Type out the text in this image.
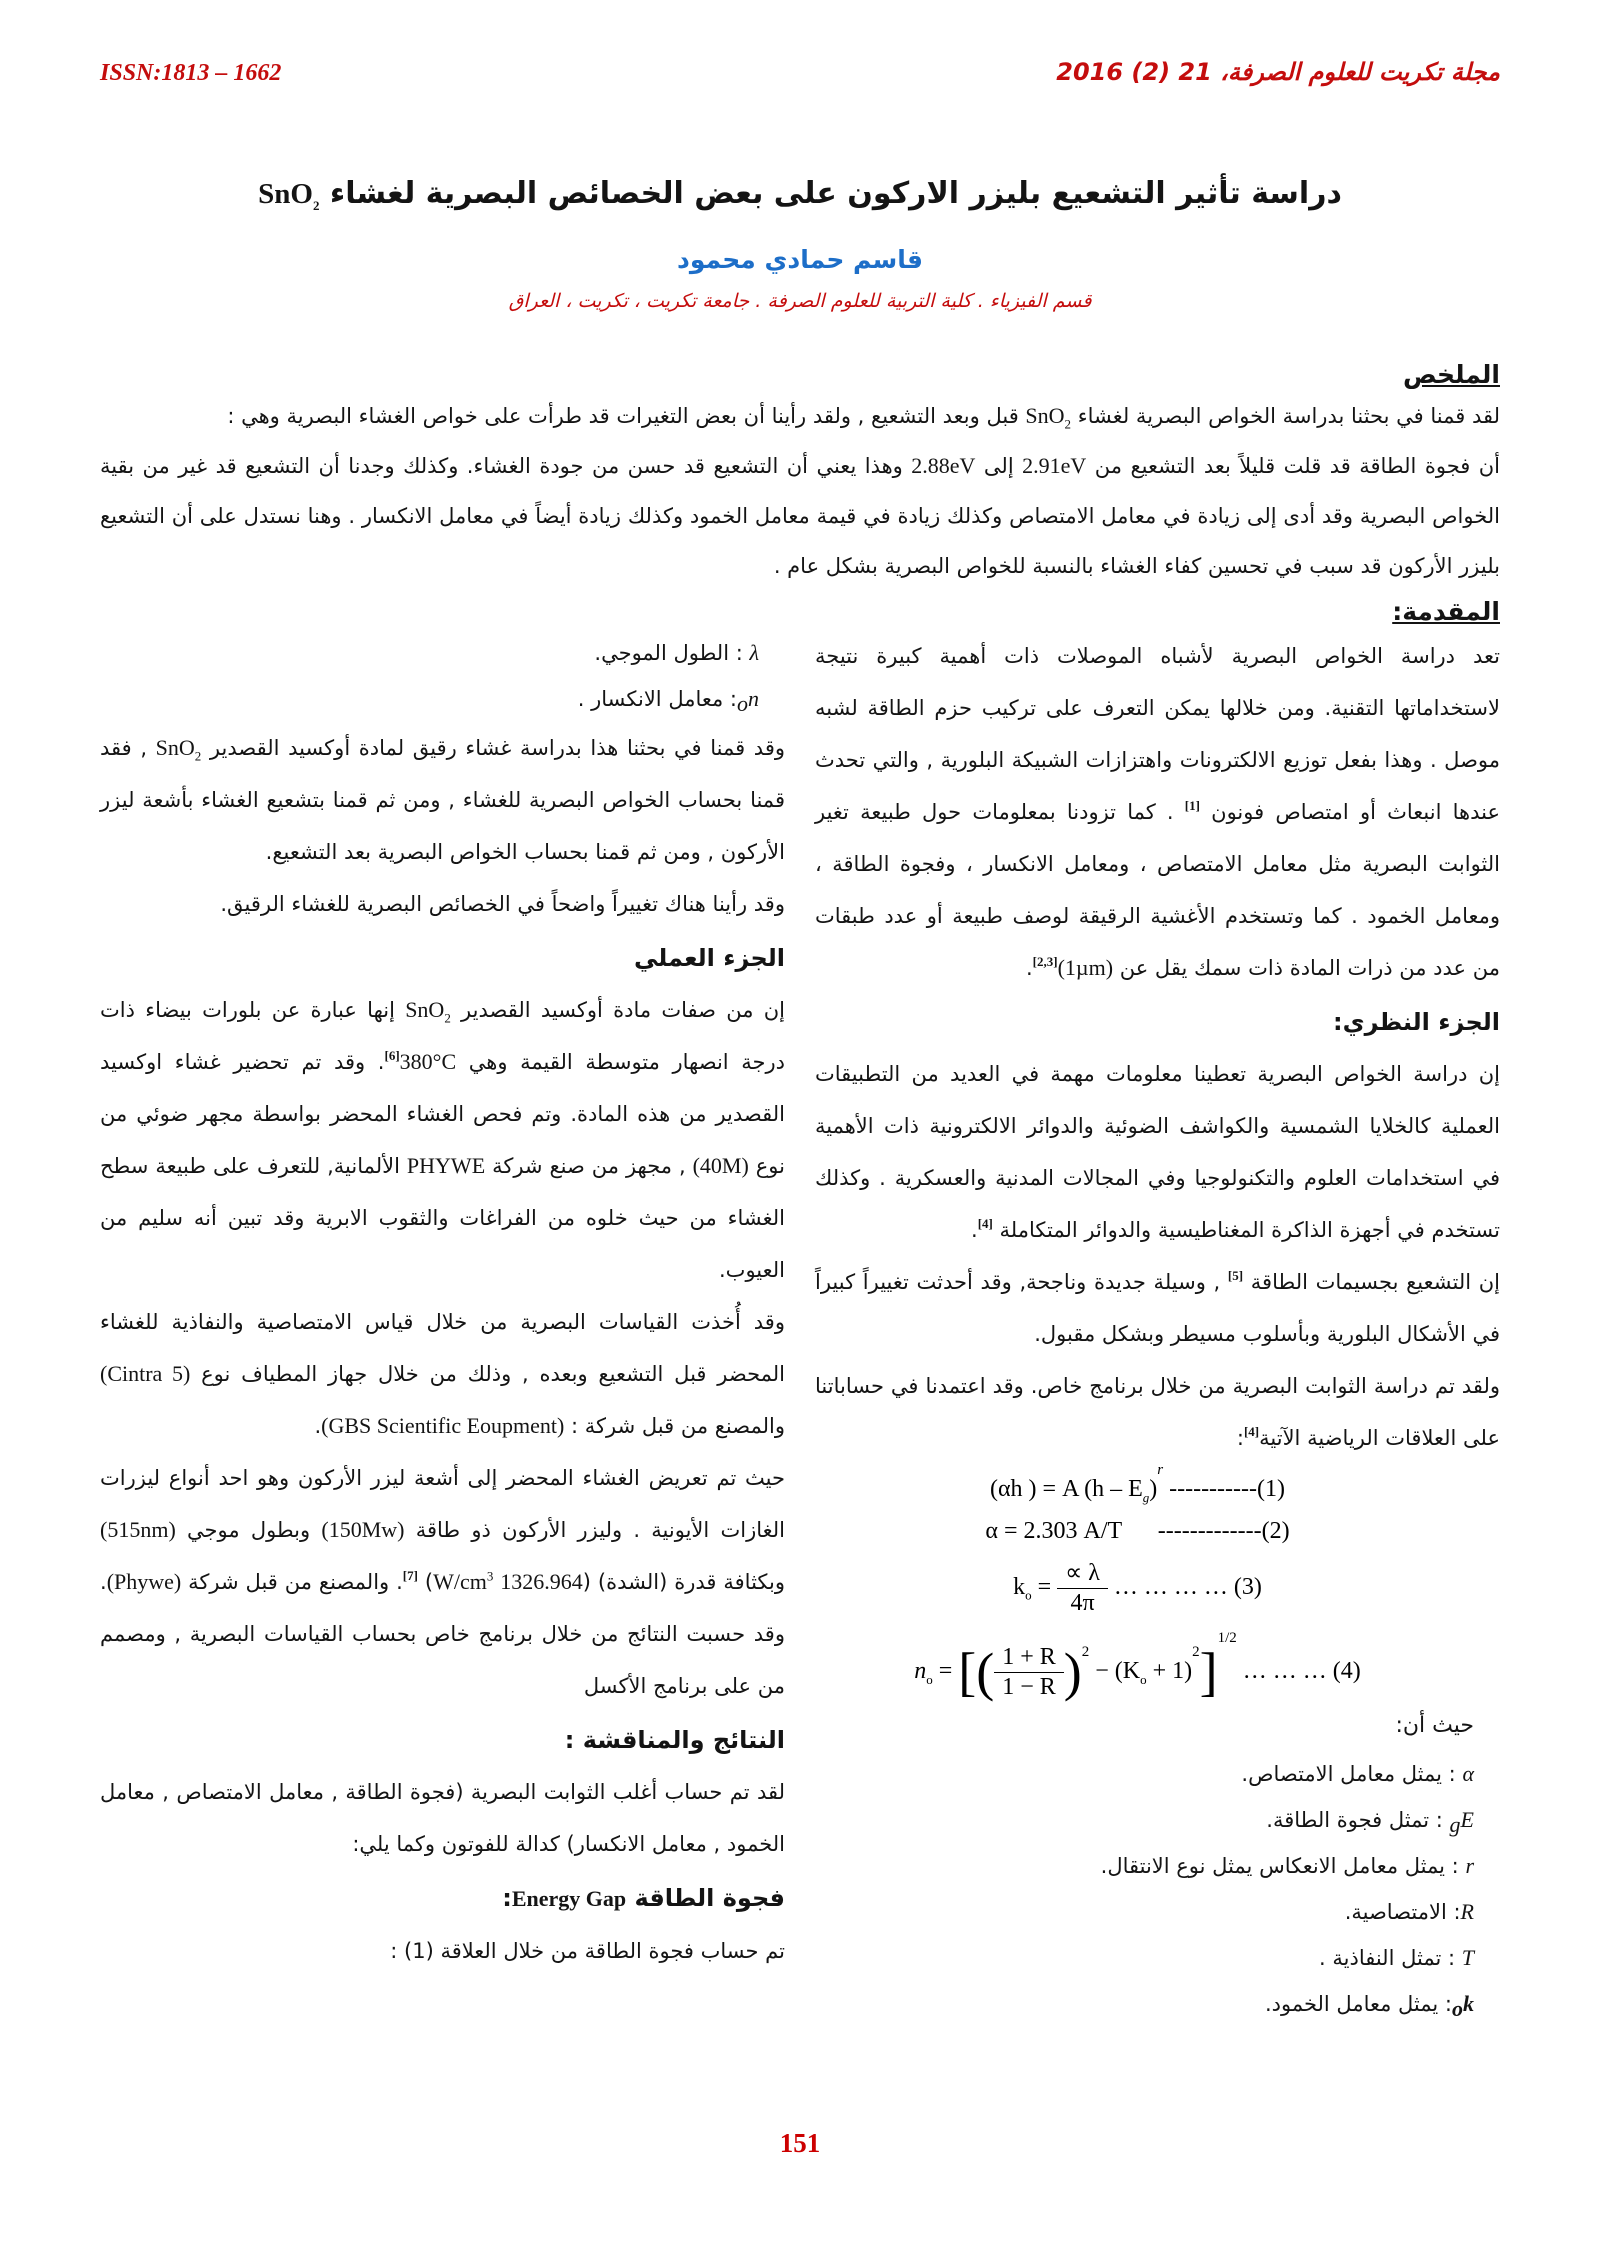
ISSN:1813 – 1662	مجلة تكريت للعلوم الصرفة، 21 (2) 2016
دراسة تأثير التشعيع بليزر الاركون على بعض الخصائص البصرية لغشاء SnO$_2$
قاسم حمادي محمود
قسم الفيزياء . كلية التربية للعلوم الصرفة . جامعة تكريت ، تكريت ، العراق
الملخص

لقد قمنا في بحثنا بدراسة الخواص البصرية لغشاء SnO$_2$ قبل وبعد التشعيع , ولقد رأينا أن بعض التغيرات قد طرأت على خواص الغشاء البصرية وهي :

أن فجوة الطاقة قد قلت قليلاً بعد التشعيع من 2.91eV إلى 2.88eV وهذا يعني أن التشعيع قد حسن من جودة الغشاء. وكذلك وجدنا أن التشعيع قد غير من بقية الخواص البصرية وقد أدى إلى زيادة في معامل الامتصاص وكذلك زيادة في قيمة معامل الخمود وكذلك زيادة أيضاً في معامل الانكسار . وهنا نستدل على أن التشعيع بليزر الأركون قد سبب في تحسين كفاء الغشاء بالنسبة للخواص البصرية بشكل عام .

المقدمة:

تعد دراسة الخواص البصرية لأشباه الموصلات ذات أهمية كبيرة نتيجة لاستخداماتها التقنية. ومن خلالها يمكن التعرف على تركيب حزم الطاقة لشبه موصل . وهذا بفعل توزيع الالكترونات واهتزازات الشبيكة البلورية , والتي تحدث عندها انبعاث أو امتصاص فونون [1] . كما تزودنا بمعلومات حول طبيعة تغير الثوابت البصرية مثل معامل الامتصاص ، ومعامل الانكسار ، وفجوة الطاقة ، ومعامل الخمود . كما وتستخدم الأغشية الرقيقة لوصف طبيعة أو عدد طبقات من عدد من ذرات المادة ذات سمك يقل عن (1µm)[2,3].

الجزء النظري:

إن دراسة الخواص البصرية تعطينا معلومات مهمة في العديد من التطبيقات العملية كالخلايا الشمسية والكواشف الضوئية والدوائر الالكترونية ذات الأهمية في استخدامات العلوم والتكنولوجيا وفي المجالات المدنية والعسكرية . وكذلك تستخدم في أجهزة الذاكرة المغناطيسية والدوائر المتكاملة [4].

إن التشعيع بجسيمات الطاقة [5] , وسيلة جديدة وناجحة, وقد أحدثت تغييراً كبيراً في الأشكال البلورية وبأسلوب مسيطر وبشكل مقبول.

ولقد تم دراسة الثوابت البصرية من خلال برنامج خاص. وقد اعتمدنا في حساباتنا على العلاقات الرياضية الآتية[4]:

(αh ) = A $(h - E_g)^r$ -----------(1)
α = 2.303 A/T      -------------(2)
$k_o = \frac{\propto \lambda}{4\pi}$ … … … … (3)
$n_o$ = [( $\frac{1 + R}{1 - R} )^2 - (K_o + 1)^2]^{1/2}$ … … … (4)
حيث أن:
α : يمثل معامل الامتصاص.
$E_g$ : تمثل فجوة الطاقة.
r : يمثل معامل الانعكاس يمثل نوع الانتقال.
R: الامتصاصية.
T : تمثل النفاذية .
$k_o$: يمثل معامل الخمود.
λ : الطول الموجي.
$n_o$: معامل الانكسار .

وقد قمنا في بحثنا هذا بدراسة غشاء رقيق لمادة أوكسيد القصدير SnO$_2$ , فقد قمنا بحساب الخواص البصرية للغشاء , ومن ثم قمنا بتشعيع الغشاء بأشعة ليزر الأركون , ومن ثم قمنا بحساب الخواص البصرية بعد التشعيع.

وقد رأينا هناك تغييراً واضحاً في الخصائص البصرية للغشاء الرقيق.

الجزء العملي

إن من صفات مادة أوكسيد القصدير SnO$_2$ إنها عبارة عن بلورات بيضاء ذات درجة انصهار متوسطة القيمة وهي 380°C[6]. وقد تم تحضير غشاء اوكسيد القصدير من هذه المادة. وتم فحص الغشاء المحضر بواسطة مجهر ضوئي من نوع (40M) , مجهز من صنع شركة PHYWE الألمانية, للتعرف على طبيعة سطح الغشاء من حيث خلوه من الفراغات والثقوب الابرية وقد تبين أنه سليم من العيوب.

وقد أُخذت القياسات البصرية من خلال قياس الامتصاصية والنفاذية للغشاء المحضر قبل التشعيع وبعده , وذلك من خلال جهاز المطياف نوع (Cintra 5) والمصنع من قبل شركة : (GBS Scientific Eoupment).

حيث تم تعريض الغشاء المحضر إلى أشعة ليزر الأركون وهو احد أنواع ليزرات الغازات الأيونية . وليزر الأركون ذو طاقة (150Mw) وبطول موجي (515nm) وبكثافة قدرة (الشدة) (1326.964 $W/cm^3$) [7]. والمصنع من قبل شركة (Phywe). وقد حسبت النتائج من خلال برنامج خاص بحساب القياسات البصرية , ومصمم من على برنامج الأكسل

النتائج والمناقشة :

لقد تم حساب أغلب الثوابت البصرية (فجوة الطاقة , معامل الامتصاص , معامل الخمود , معامل الانكسار) كدالة للفوتون وكما يلي:

فجوة الطاقة Energy Gap:

تم حساب فجوة الطاقة من خلال العلاقة (1) :

151
